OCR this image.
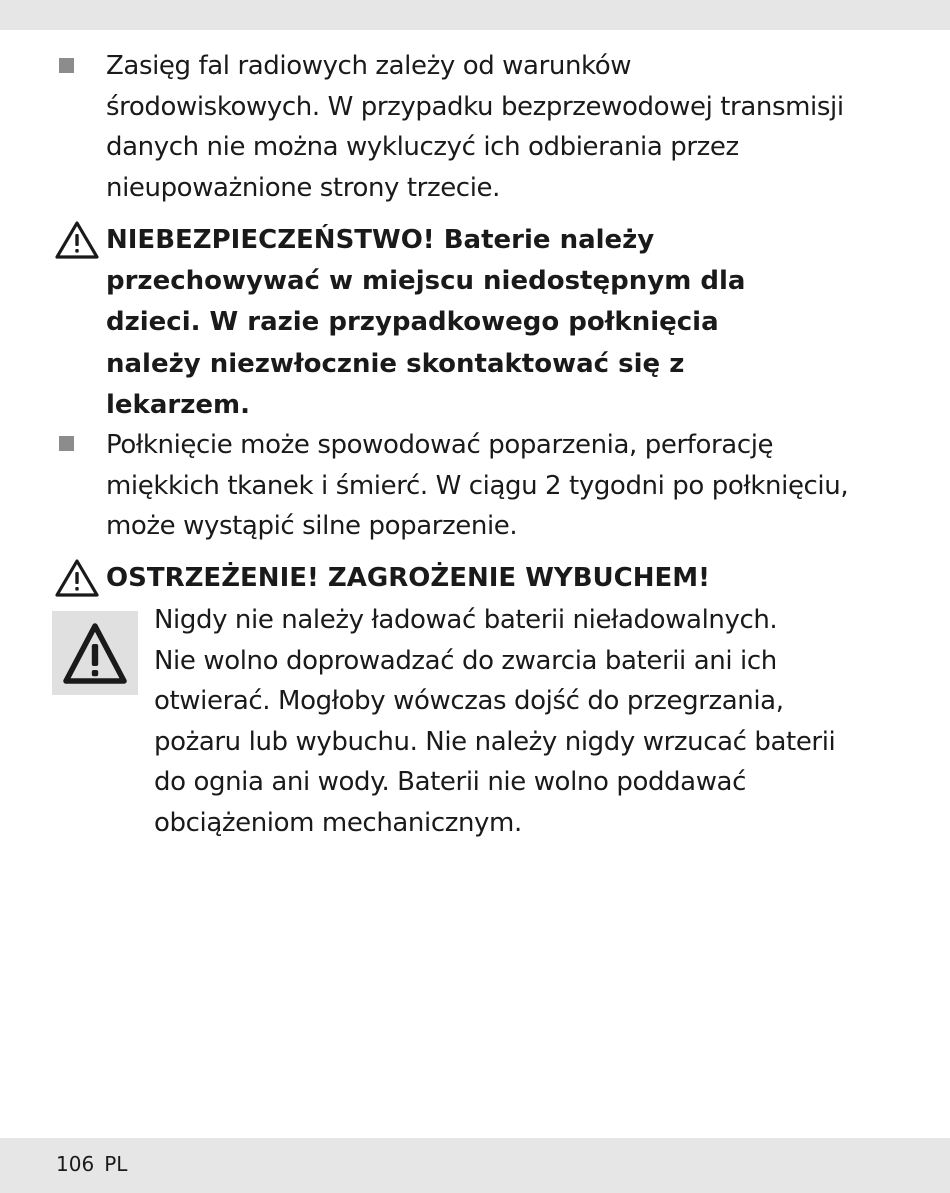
Zasięg fal radiowych zależy od warunków

środowiskowych. W przypadku bezprzewodowej transmisji

danych nie można wykluczyć ich odbierania przez

nieupoważnione strony trzecie.

NIEBEZPIECZEŃSTWO! Baterie należy

przechowywać w miejscu niedostępnym dla

dzieci. W razie przypadkowego połknięcia

należy niezwłocznie skontaktować się z

lekarzem.

Połknięcie może spowodować poparzenia, perforację

miękkich tkanek i śmierć. W ciągu 2 tygodni po połknięciu,

może wystąpić silne poparzenie.

OSTRZEŻENIE! ZAGROŻENIE WYBUCHEM!

Nigdy nie należy ładować baterii nieładowalnych.

Nie wolno doprowadzać do zwarcia baterii ani ich

otwierać. Mogłoby wówczas dojść do przegrzania,

pożaru lub wybuchu. Nie należy nigdy wrzucać baterii

do ognia ani wody. Baterii nie wolno poddawać

obciążeniom mechanicznym.

106 PL
